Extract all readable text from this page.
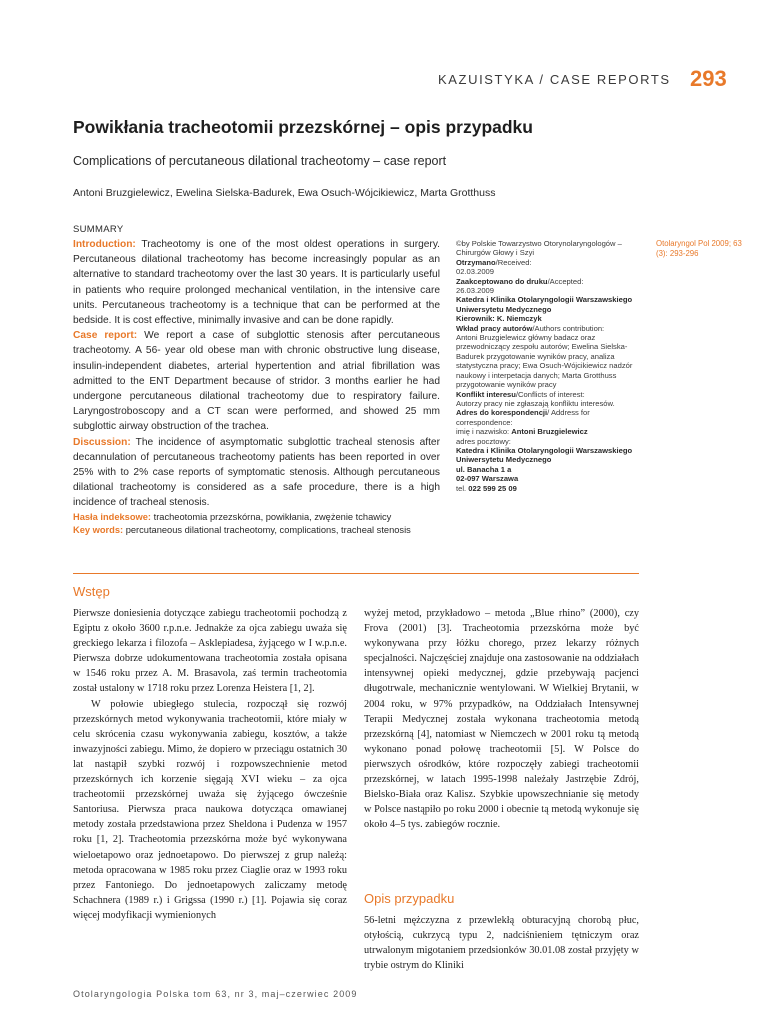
KAZUISTYKA / CASE REPORTS 293
Powikłania tracheotomii przezskórnej – opis przypadku
Complications of percutaneous dilational tracheotomy – case report
Antoni Bruzgielewicz, Ewelina Sielska-Badurek, Ewa Osuch-Wójcikiewicz, Marta Grotthuss
SUMMARY

Introduction: Tracheotomy is one of the most oldest operations in surgery. Percutaneous dilational tracheotomy has become increasingly popular as an alternative to standard tracheotomy over the last 30 years. It is particularly useful in patients who require prolonged mechanical ventilation, in the intensive care units. Percutaneous tracheotomy is a technique that can be performed at the bedside. It is cost effective, minimally invasive and can be done rapidly.

Case report: We report a case of subglottic stenosis after percutaneous tracheotomy. A 56- year old obese man with chronic obstructive lung disease, insulin-independent diabetes, arterial hypertention and atrial fibrillation was admitted to the ENT Department because of stridor. 3 months earlier he had undergone percutaneous dilational tracheotomy due to respiratory failure. Laryngostroboscopy and a CT scan were performed, and showed 25 mm subglottic airway obstruction of the trachea.

Discussion: The incidence of asymptomatic subglottic tracheal stenosis after decannulation of percutaneous tracheotomy patients has been reported in over 25% with to 2% case reports of symptomatic stenosis. Although percutaneous dilational tracheotomy is considered as a safe procedure, there is a high incidence of tracheal stenosis.

Hasła indeksowe: tracheotomia przezskórna, powikłania, zwężenie tchawicy

Key words: percutaneous dilational tracheotomy, complications, tracheal stenosis

©by Polskie Towarzystwo Otorynolaryngologów – Chirurgów Głowy i Szyi
Otrzymano/Received:
02.03.2009
Zaakceptowano do druku/Accepted:
26.03.2009
Katedra i Klinika Otolaryngologii Warszawskiego Uniwersytetu Medycznego
Kierownik: K. Niemczyk
Wkład pracy autorów/Authors contribution:
Antoni Bruzgielewicz główny badacz oraz przewodniczący zespołu autorów; Ewelina Sielska-Badurek przygotowanie wyników pracy, analiza statystyczna pracy; Ewa Osuch-Wójcikiewicz nadzór naukowy i interpetacja danych; Marta Grotthuss przygotowanie wyników pracy
Konflikt interesu/Conflicts of interest:
Autorzy pracy nie zgłaszają konfliktu interesów.
Adres do korespondencji/ Address for correspondence:
imię i nazwisko: Antoni Bruzgielewicz
adres pocztowy:
Katedra i Klinika Otolaryngologii Warszawskiego Uniwersytetu Medycznego
ul. Banacha 1 a
02-097 Warszawa
tel. 022 599 25 09
Otolaryngol Pol 2009; 63 (3): 293-296
Wstęp

Pierwsze doniesienia dotyczące zabiegu tracheotomii pochodzą z Egiptu z około 3600 r.p.n.e. Jednakże za ojca zabiegu uważa się greckiego lekarza i filozofa – Asklepiadesa, żyjącego w I w.p.n.e. Pierwsza dobrze udokumentowana tracheotomia została opisana w 1546 roku przez A. M. Brasavola, zaś termin tracheotomia został ustalony w 1718 roku przez Lorenza Heistera [1, 2].

W połowie ubiegłego stulecia, rozpoczął się rozwój przezskórnych metod wykonywania tracheotomii, które miały w celu skrócenia czasu wykonywania zabiegu, kosztów, a także inwazyjności zabiegu. Mimo, że dopiero w przeciągu ostatnich 30 lat nastąpił szybki rozwój i rozpowszechnienie metod przezskórnych ich korzenie sięgają XVI wieku – za ojca tracheotomii przezskórnej uważa się żyjącego ówcześnie Santoriusa. Pierwsza praca naukowa dotycząca omawianej metody została przedstawiona przez Sheldona i Pudenza w 1957 roku [1, 2]. Tracheotomia przezskórna może być wykonywana wieloetapowo oraz jednoetapowo. Do pierwszej z grup należą: metoda opracowana w 1985 roku przez Ciaglie oraz w 1993 roku przez Fantoniego. Do jednoetapowych zaliczamy metodę Schachnera (1989 r.) i Grigssa (1990 r.) [1]. Pojawia się coraz więcej modyfikacji wymienionych

wyżej metod, przykładowo – metoda „Blue rhino” (2000), czy Frova (2001) [3]. Tracheotomia przezskórna może być wykonywana przy łóżku chorego, przez lekarzy różnych specjalności. Najczęściej znajduje ona zastosowanie na oddziałach intensywnej opieki medycznej, gdzie przebywają pacjenci długotrwale, mechanicznie wentylowani. W Wielkiej Brytanii, w 2004 roku, w 97% przypadków, na Oddziałach Intensywnej Terapii Medycznej została wykonana tracheotomia metodą przezskórną [4], natomiast w Niemczech w 2001 roku tą metodą wykonano ponad połowę tracheotomii [5]. W Polsce do pierwszych ośrodków, które rozpoczęły zabiegi tracheotomii przezskórnej, w latach 1995-1998 należały Jastrzębie Zdrój, Bielsko-Biała oraz Kalisz. Szybkie upowszechnianie się metody w Polsce nastąpiło po roku 2000 i obecnie tą metodą wykonuje się około 4–5 tys. zabiegów rocznie.

Opis przypadku
56-letni mężczyzna z przewlekłą obturacyjną chorobą płuc, otyłością, cukrzycą typu 2, nadciśnieniem tętniczym oraz utrwalonym migotaniem przedsionków 30.01.08 został przyjęty w trybie ostrym do Kliniki
Otolaryngologia Polska tom 63, nr 3, maj–czerwiec 2009
